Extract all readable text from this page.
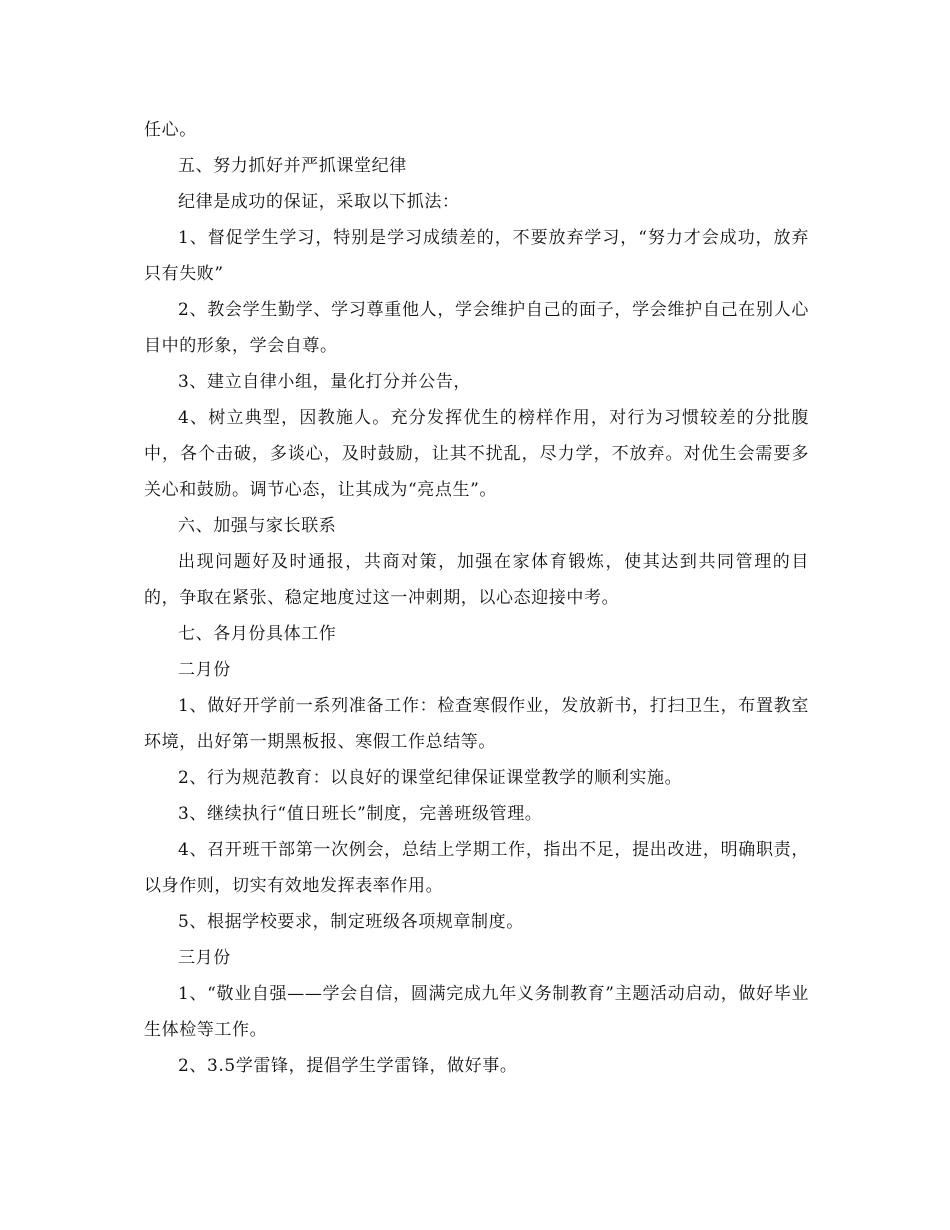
任心。

五、努力抓好并严抓课堂纪律

纪律是成功的保证，采取以下抓法：

1、督促学生学习，特别是学习成绩差的，不要放弃学习，“努力才会成功，放弃只有失败”

2、教会学生勤学、学习尊重他人，学会维护自己的面子，学会维护自己在别人心目中的形象，学会自尊。

3、建立自律小组，量化打分并公告，

4、树立典型，因教施人。充分发挥优生的榜样作用，对行为习惯较差的分批腹中，各个击破，多谈心，及时鼓励，让其不扰乱，尽力学，不放弃。对优生会需要多关心和鼓励。调节心态，让其成为“亮点生”。

六、加强与家长联系

出现问题好及时通报，共商对策，加强在家体育锻炼，使其达到共同管理的目的，争取在紧张、稳定地度过这一冲刺期，以心态迎接中考。

七、各月份具体工作

二月份

1、做好开学前一系列准备工作：检查寒假作业，发放新书，打扫卫生，布置教室环境，出好第一期黑板报、寒假工作总结等。

2、行为规范教育：以良好的课堂纪律保证课堂教学的顺利实施。

3、继续执行“值日班长”制度，完善班级管理。

4、召开班干部第一次例会，总结上学期工作，指出不足，提出改进，明确职责，以身作则，切实有效地发挥表率作用。

5、根据学校要求，制定班级各项规章制度。

三月份

1、“敬业自强——学会自信，圆满完成九年义务制教育”主题活动启动，做好毕业生体检等工作。

2、3.5学雷锋，提倡学生学雷锋，做好事。
